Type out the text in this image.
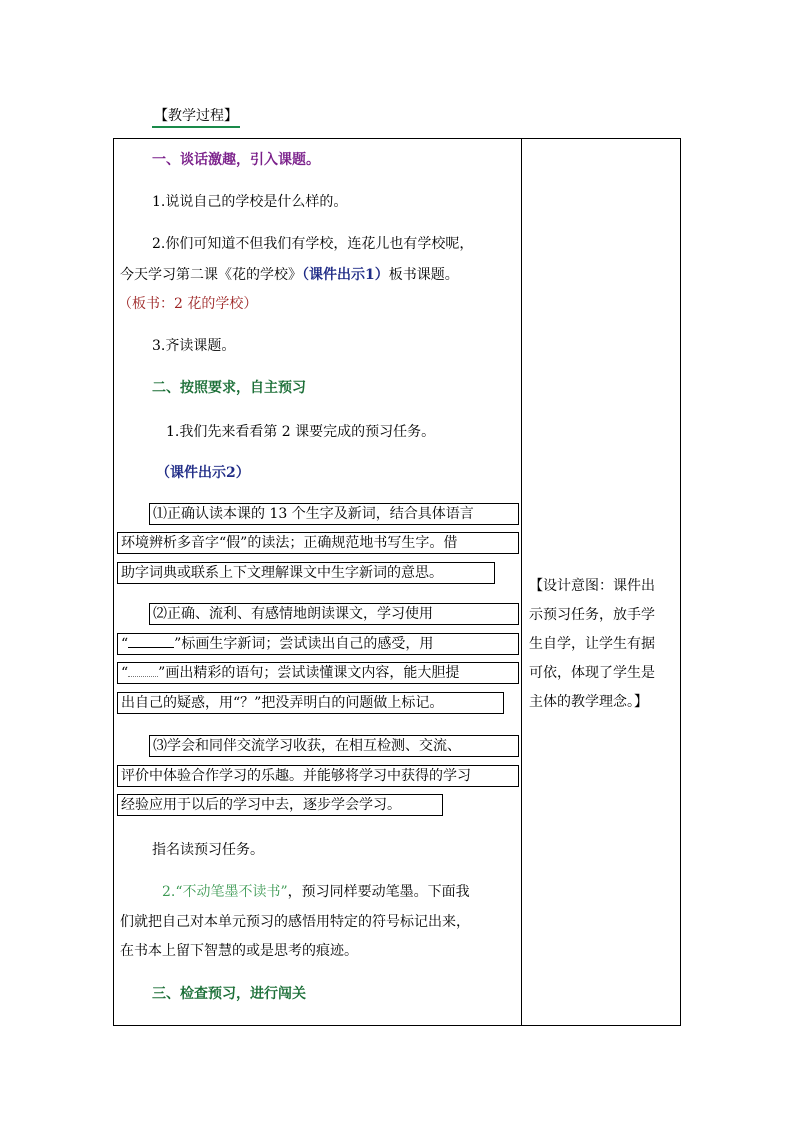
【教学过程】
一、谈话激趣，引入课题。
1.说说自己的学校是什么样的。
2.你们可知道不但我们有学校，连花儿也有学校呢，
今天学习第二课《花的学校》（课件出示1）板书课题。
（板书：2 花的学校）
3.齐读课题。
二、按照要求，自主预习
1.我们先来看看第 2 课要完成的预习任务。
（课件出示2）
⑴正确认读本课的 13 个生字及新词，结合具体语言
环境辨析多音字“假”的读法；正确规范地书写生字。借
助字词典或联系上下文理解课文中生字新词的意思。
⑵正确、流利、有感情地朗读课文，学习使用
“	”标画生字新词；尝试读出自己的感受，用
“ ”画出精彩的语句；尝试读懂课文内容，能大胆提
出自己的疑惑，用“？”把没弄明白的问题做上标记。
⑶学会和同伴交流学习收获，在相互检测、交流、
评价中体验合作学习的乐趣。并能够将学习中获得的学习
经验应用于以后的学习中去，逐步学会学习。
指名读预习任务。
2.“不动笔墨不读书”，预习同样要动笔墨。下面我
们就把自己对本单元预习的感悟用特定的符号标记出来，
在书本上留下智慧的或是思考的痕迹。
三、检查预习，进行闯关
【设计意图：课件出
示预习任务，放手学
生自学，让学生有据
可依，体现了学生是
主体的教学理念。】
